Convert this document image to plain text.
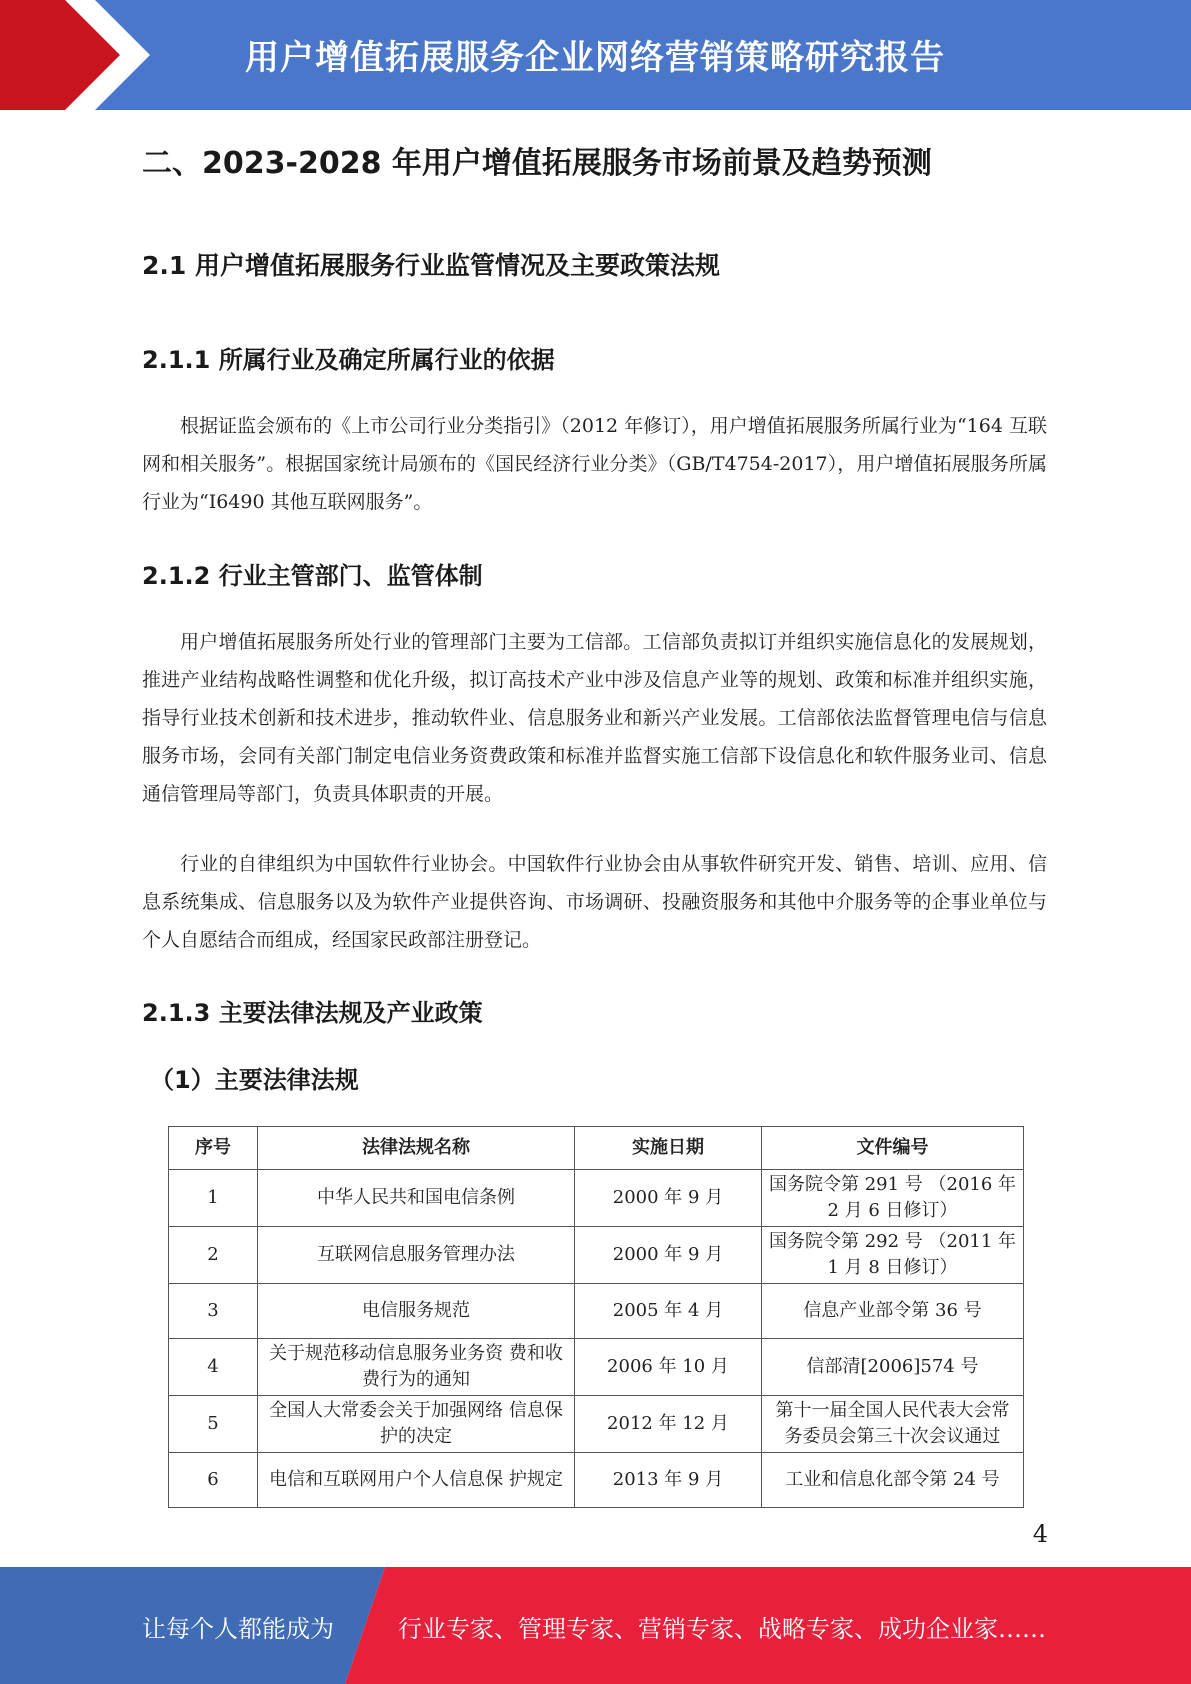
用户增值拓展服务企业网络营销策略研究报告
二、2023-2028 年用户增值拓展服务市场前景及趋势预测
2.1 用户增值拓展服务行业监管情况及主要政策法规
2.1.1 所属行业及确定所属行业的依据

根据证监会颁布的《上市公司行业分类指引》（2012 年修订），用户增值拓展服务所属行业为“164 互联网和相关服务”。根据国家统计局颁布的《国民经济行业分类》（GB/T4754-2017），用户增值拓展服务所属行业为“I6490 其他互联网服务”。

2.1.2 行业主管部门、监管体制

用户增值拓展服务所处行业的管理部门主要为工信部。工信部负责拟订并组织实施信息化的发展规划，推进产业结构战略性调整和优化升级，拟订高技术产业中涉及信息产业等的规划、政策和标准并组织实施，指导行业技术创新和技术进步，推动软件业、信息服务业和新兴产业发展。工信部依法监督管理电信与信息服务市场，会同有关部门制定电信业务资费政策和标准并监督实施工信部下设信息化和软件服务业司、信息通信管理局等部门，负责具体职责的开展。

行业的自律组织为中国软件行业协会。中国软件行业协会由从事软件研究开发、销售、培训、应用、信息系统集成、信息服务以及为软件产业提供咨询、市场调研、投融资服务和其他中介服务等的企事业单位与个人自愿结合而组成，经国家民政部注册登记。

2.1.3 主要法律法规及产业政策
（1）主要法律法规
序号	法律法规名称	实施日期	文件编号
1	中华人民共和国电信条例	2000 年 9 月	国务院令第 291 号 （2016 年 2 月 6 日修订）
2	互联网信息服务管理办法	2000 年 9 月	国务院令第 292 号 （2011 年 1 月 8 日修订）
3	电信服务规范	2005 年 4 月	信息产业部令第 36 号
4	关于规范移动信息服务业务资 费和收费行为的通知	2006 年 10 月	信部清[2006]574 号
5	全国人大常委会关于加强网络 信息保护的决定	2012 年 12 月	第十一届全国人民代表大会常 务委员会第三十次会议通过
6	电信和互联网用户个人信息保 护规定	2013 年 9 月	工业和信息化部令第 24 号
4
让每个人都能成为	行业专家、管理专家、营销专家、战略专家、成功企业家……
